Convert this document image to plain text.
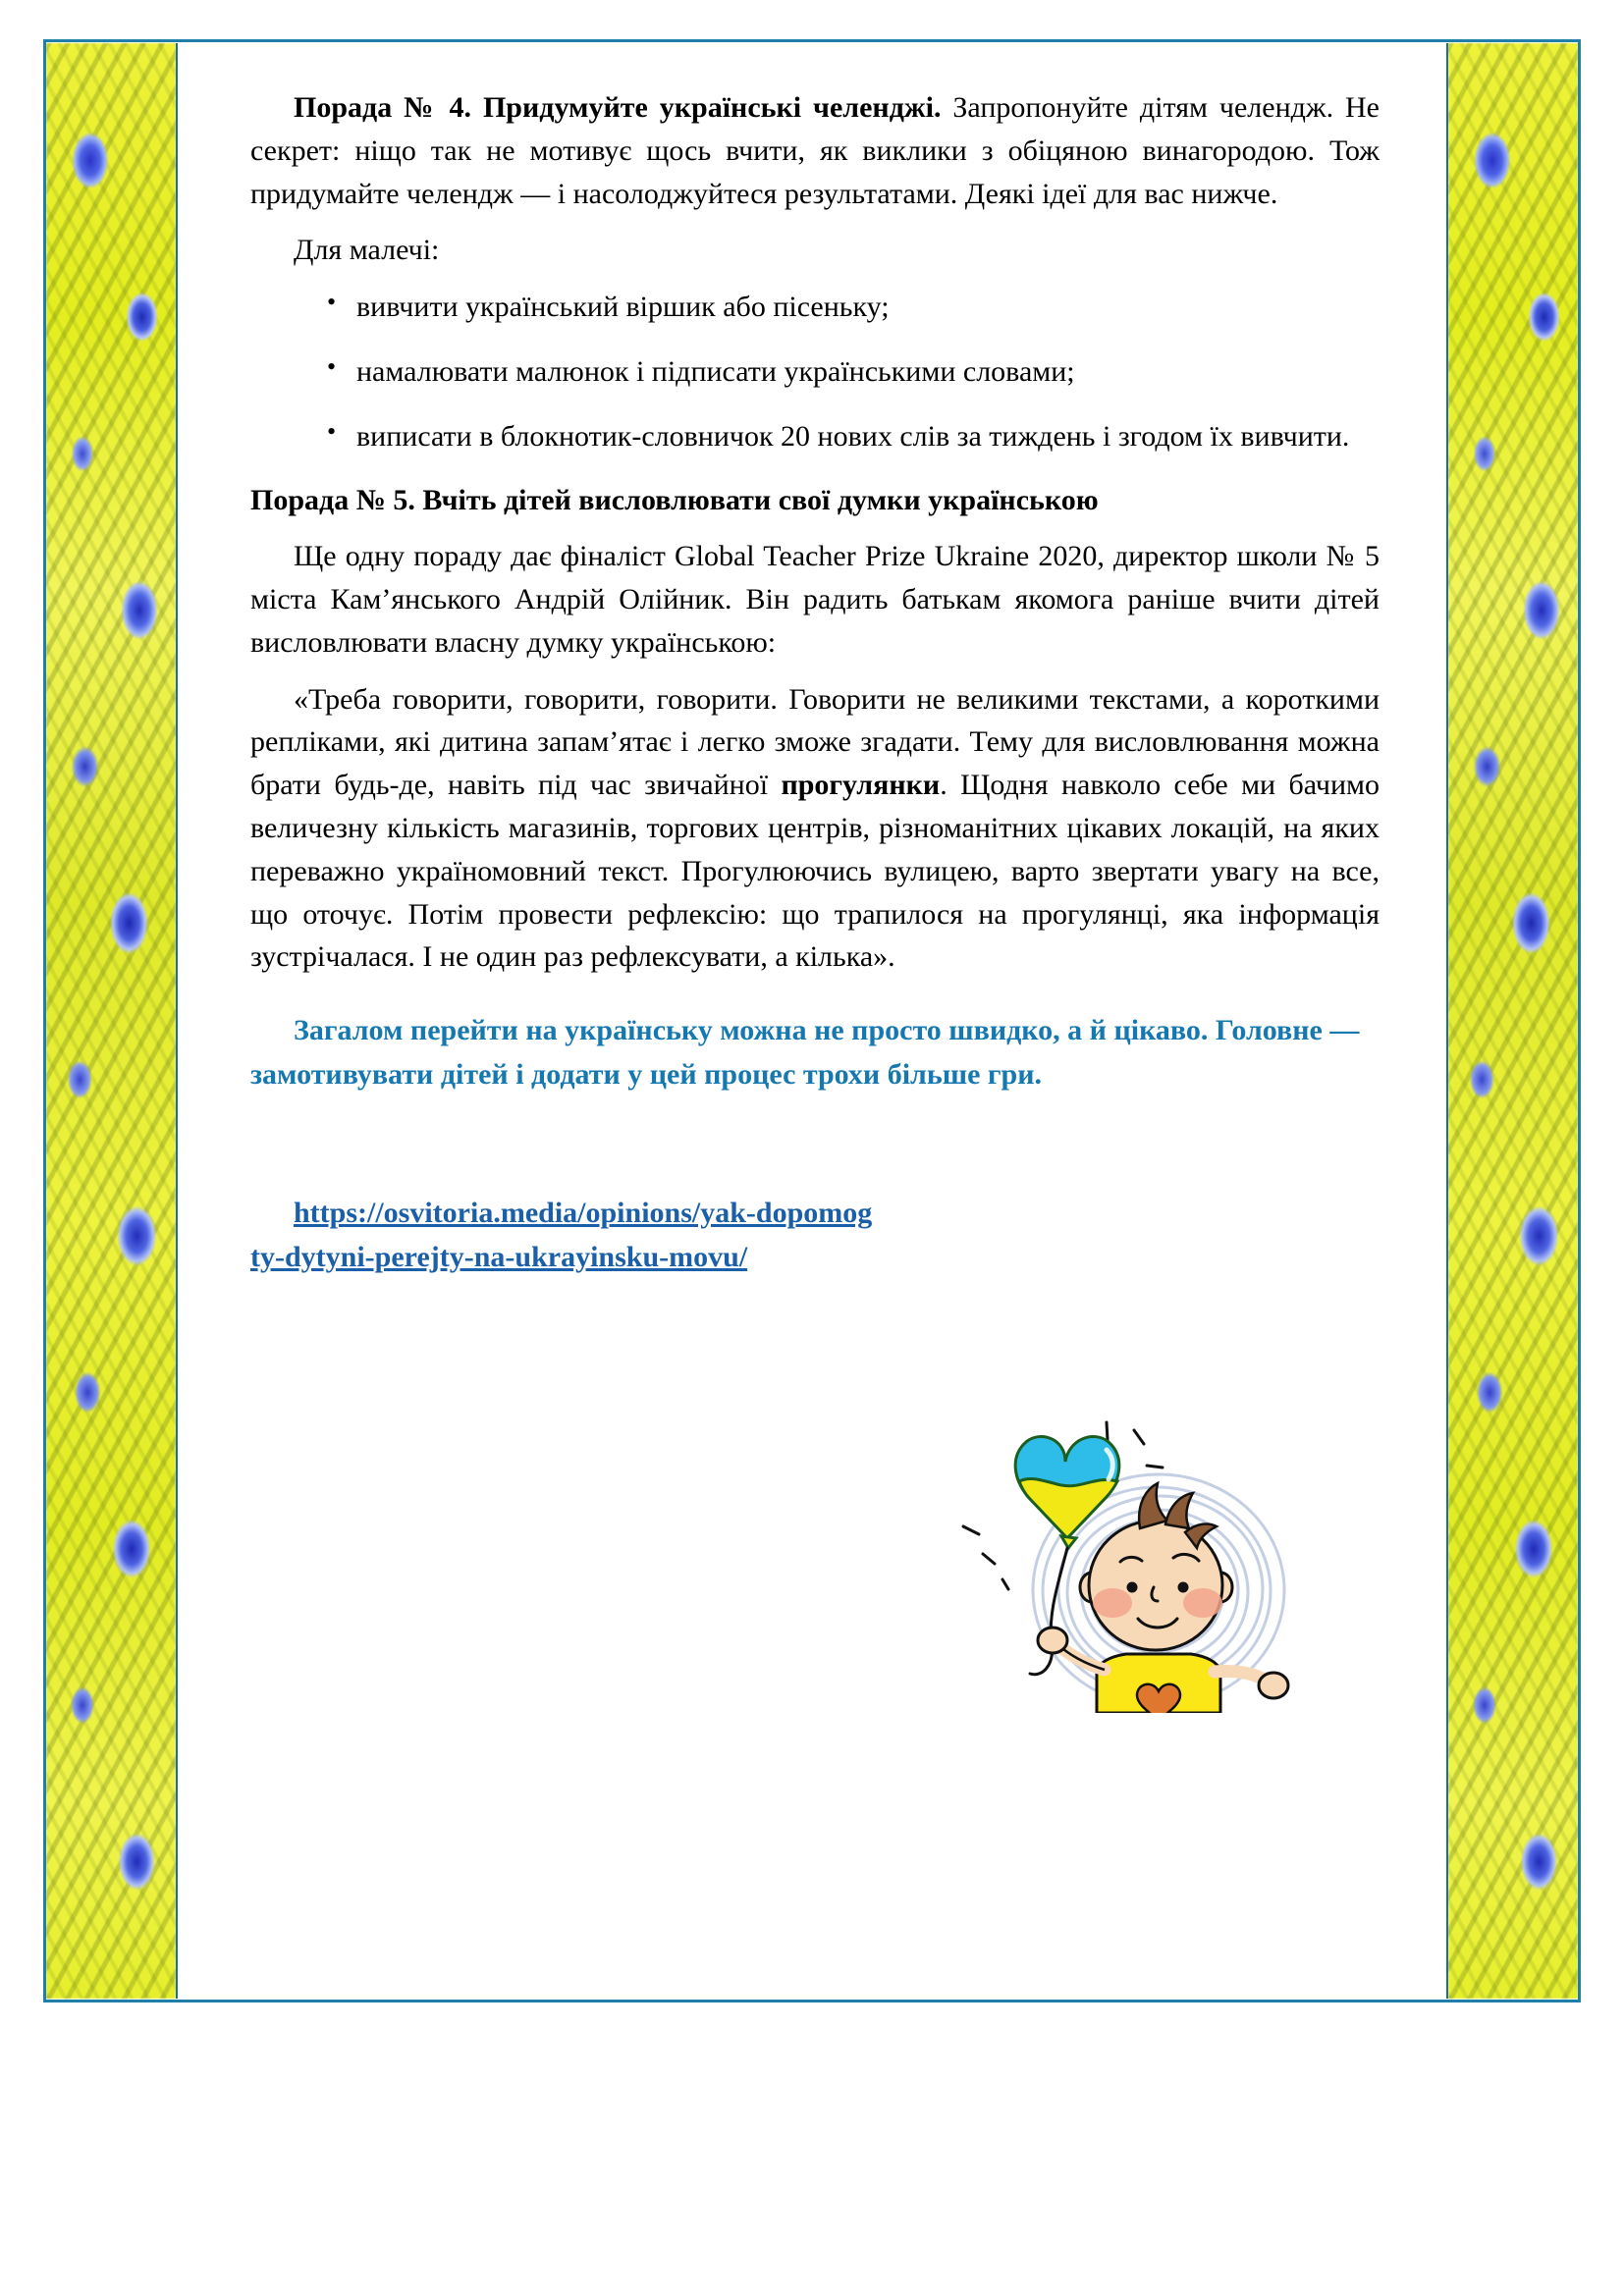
Порада № 4. Придумуйте українські челенджі. Запропонуйте дітям челендж. Не секрет: ніщо так не мотивує щось вчити, як виклики з обіцяною винагородою. Тож придумайте челендж — і насолоджуйтеся результатами. Деякі ідеї для вас нижче.

Для малечі:

• вивчити український віршик або пісеньку;
• намалювати малюнок і підписати українськими словами;
• виписати в блокнотик-словничок 20 нових слів за тиждень і згодом їх вивчити.

Порада № 5. Вчіть дітей висловлювати свої думки українською

Ще одну пораду дає фіналіст Global Teacher Prize Ukraine 2020, директор школи № 5 міста Кам’янського Андрій Олійник. Він радить батькам якомога раніше вчити дітей висловлювати власну думку українською:

«Треба говорити, говорити, говорити. Говорити не великими текстами, а короткими репліками, які дитина запам’ятає і легко зможе згадати. Тему для висловлювання можна брати будь-де, навіть під час звичайної прогулянки. Щодня навколо себе ми бачимо величезну кількість магазинів, торгових центрів, різноманітних цікавих локацій, на яких переважно україномовний текст. Прогулюючись вулицею, варто звертати увагу на все, що оточує. Потім провести рефлексію: що трапилося на прогулянці, яка інформація зустрічалася. І не один раз рефлексувати, а кілька».

Загалом перейти на українську можна не просто швидко, а й цікаво. Головне — замотивувати дітей і додати у цей процес трохи більше гри.

https://osvitoria.media/opinions/yak-dopomogty-dytyni-perejty-na-ukrayinsku-movu/
